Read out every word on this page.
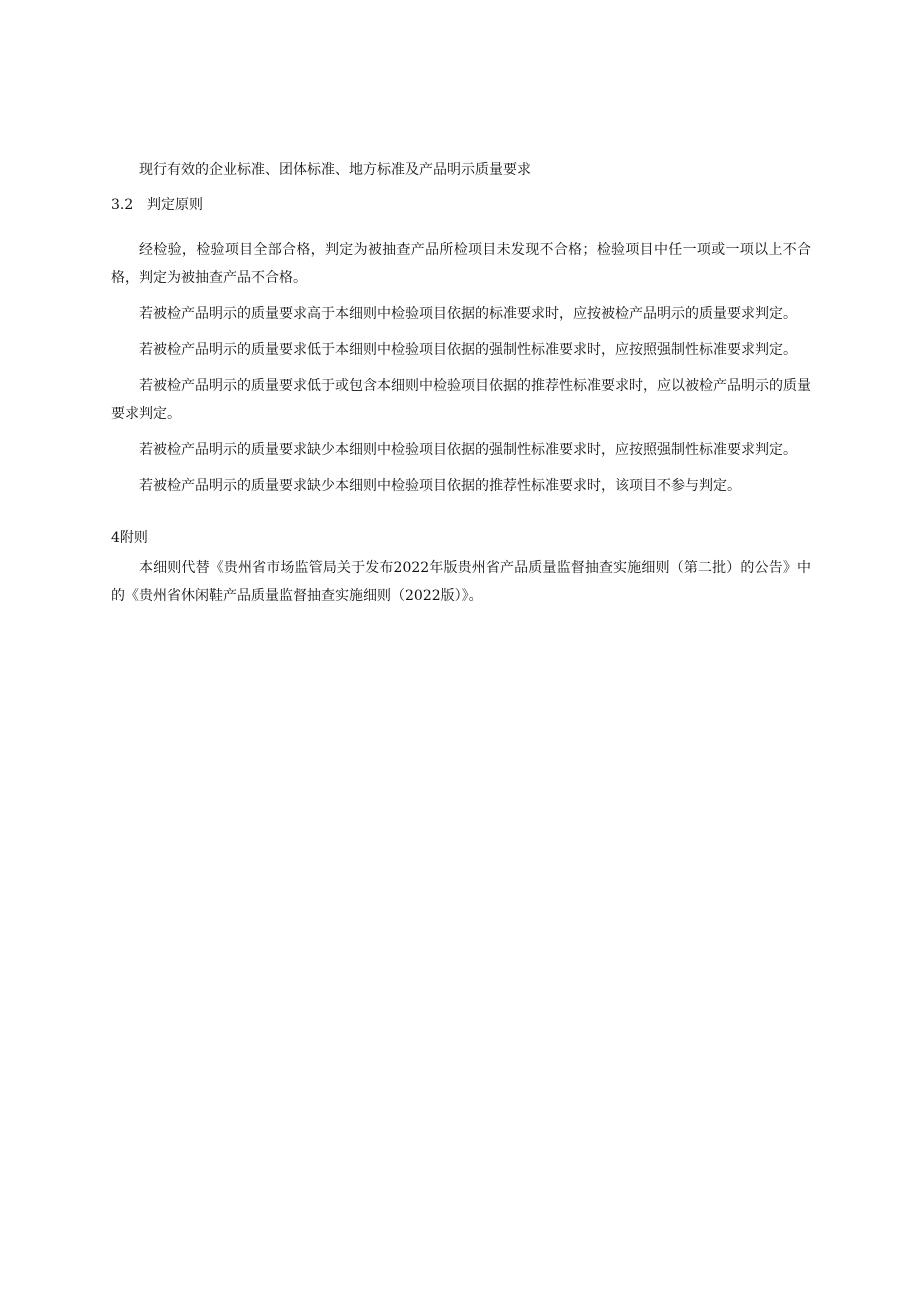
现行有效的企业标准、团体标准、地方标准及产品明示质量要求

3.2 判定原则

经检验，检验项目全部合格，判定为被抽查产品所检项目未发现不合格；检验项目中任一项或一项以上不合格，判定为被抽查产品不合格。

若被检产品明示的质量要求高于本细则中检验项目依据的标准要求时，应按被检产品明示的质量要求判定。

若被检产品明示的质量要求低于本细则中检验项目依据的强制性标准要求时，应按照强制性标准要求判定。

若被检产品明示的质量要求低于或包含本细则中检验项目依据的推荐性标准要求时，应以被检产品明示的质量要求判定。

若被检产品明示的质量要求缺少本细则中检验项目依据的强制性标准要求时，应按照强制性标准要求判定。

若被检产品明示的质量要求缺少本细则中检验项目依据的推荐性标准要求时，该项目不参与判定。

4附则

本细则代替《贵州省市场监管局关于发布2022年版贵州省产品质量监督抽查实施细则（第二批）的公告》中的《贵州省休闲鞋产品质量监督抽查实施细则（2022版）》。
